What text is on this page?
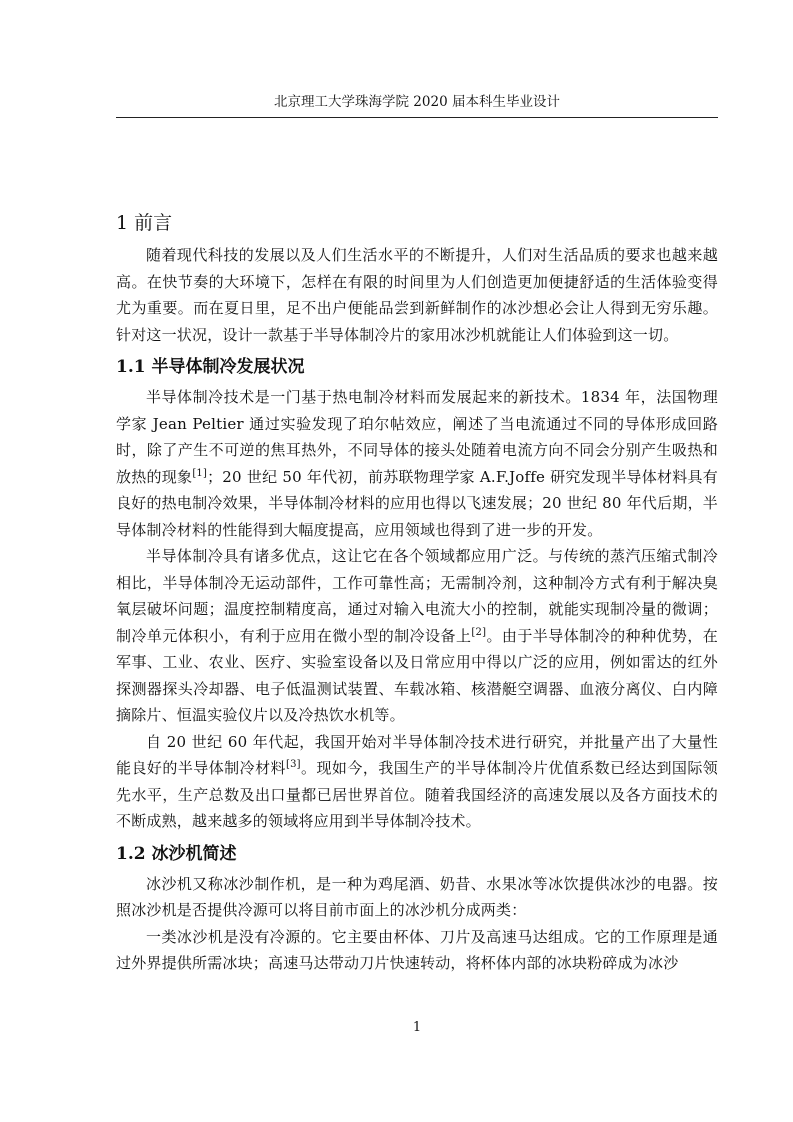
北京理工大学珠海学院 2020 届本科生毕业设计
1 前言

随着现代科技的发展以及人们生活水平的不断提升，人们对生活品质的要求也越来越高。在快节奏的大环境下，怎样在有限的时间里为人们创造更加便捷舒适的生活体验变得尤为重要。而在夏日里，足不出户便能品尝到新鲜制作的冰沙想必会让人得到无穷乐趣。针对这一状况，设计一款基于半导体制冷片的家用冰沙机就能让人们体验到这一切。

1.1 半导体制冷发展状况

半导体制冷技术是一门基于热电制冷材料而发展起来的新技术。1834 年，法国物理学家 Jean Peltier 通过实验发现了珀尔帖效应，阐述了当电流通过不同的导体形成回路时，除了产生不可逆的焦耳热外，不同导体的接头处随着电流方向不同会分别产生吸热和放热的现象[1]；20 世纪 50 年代初，前苏联物理学家 A.F.Joffe 研究发现半导体材料具有良好的热电制冷效果，半导体制冷材料的应用也得以飞速发展；20 世纪 80 年代后期，半导体制冷材料的性能得到大幅度提高，应用领域也得到了进一步的开发。

半导体制冷具有诸多优点，这让它在各个领域都应用广泛。与传统的蒸汽压缩式制冷相比，半导体制冷无运动部件，工作可靠性高；无需制冷剂，这种制冷方式有利于解决臭氧层破坏问题；温度控制精度高，通过对输入电流大小的控制，就能实现制冷量的微调；制冷单元体积小，有利于应用在微小型的制冷设备上[2]。由于半导体制冷的种种优势，在军事、工业、农业、医疗、实验室设备以及日常应用中得以广泛的应用，例如雷达的红外探测器探头冷却器、电子低温测试装置、车载冰箱、核潜艇空调器、血液分离仪、白内障摘除片、恒温实验仪片以及冷热饮水机等。

自 20 世纪 60 年代起，我国开始对半导体制冷技术进行研究，并批量产出了大量性能良好的半导体制冷材料[3]。现如今，我国生产的半导体制冷片优值系数已经达到国际领先水平，生产总数及出口量都已居世界首位。随着我国经济的高速发展以及各方面技术的不断成熟，越来越多的领域将应用到半导体制冷技术。

1.2 冰沙机简述

冰沙机又称冰沙制作机，是一种为鸡尾酒、奶昔、水果冰等冰饮提供冰沙的电器。按照冰沙机是否提供冷源可以将目前市面上的冰沙机分成两类：

一类冰沙机是没有冷源的。它主要由杯体、刀片及高速马达组成。它的工作原理是通过外界提供所需冰块；高速马达带动刀片快速转动，将杯体内部的冰块粉碎成为冰沙

1
